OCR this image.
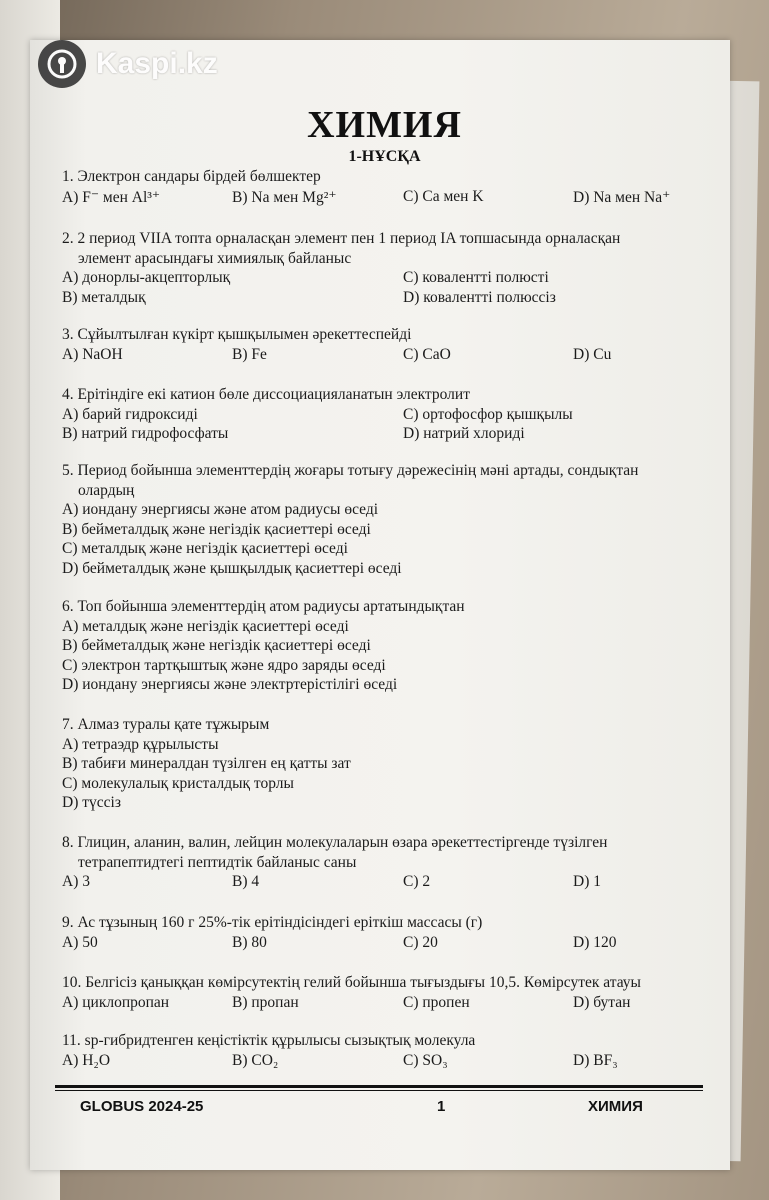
Kaspi.kz
ХИМИЯ
1-НҰСҚА
1. Электрон сандары бірдей бөлшектер
A) F⁻ мен Al³⁺	B) Na мен Mg²⁺	C) Ca мен K	D) Na мен Na⁺
2. 2 период VIIA топта орналасқан элемент пен 1 период IA топшасында орналасқан
элемент арасындағы химиялық байланыс
A) донорлы-акцепторлық	C) ковалентті полюсті
B) металдық	D) ковалентті полюссіз
3. Сұйылтылған күкірт қышқылымен әрекеттеспейді
A) NaOH	B) Fe	C) CaO	D) Cu
4. Ерітіндіге екі катион бөле диссоциацияланатын электролит
A) барий гидроксиді	C) ортофосфор қышқылы
B) натрий гидрофосфаты	D) натрий хлориді
5. Период бойынша элементтердің жоғары тотығу дәрежесінің мәні артады, сондықтан
олардың
A) иондану энергиясы және атом радиусы өседі
B) бейметалдық және негіздік қасиеттері өседі
C) металдық және негіздік қасиеттері өседі
D) бейметалдық және қышқылдық қасиеттері өседі
6. Топ бойынша элементтердің атом радиусы артатындықтан
A) металдық және негіздік қасиеттері өседі
B) бейметалдық және негіздік қасиеттері өседі
C) электрон тартқыштық және ядро заряды өседі
D) иондану энергиясы және электртерістілігі өседі
7. Алмаз туралы қате тұжырым
A) тетраэдр құрылысты
B) табиғи минералдан түзілген ең қатты зат
C) молекулалық кристалдық торлы
D) түссіз
8. Глицин, аланин, валин, лейцин молекулаларын өзара әрекеттестіргенде түзілген
тетрапептидтегі пептидтік байланыс саны
A) 3	B) 4	C) 2	D) 1
9. Ас тұзының 160 г 25%-тік ерітіндісіндегі еріткіш массасы (г)
A) 50	B) 80	C) 20	D) 120
10. Белгісіз қаныққан көмірсутектің гелий бойынша тығыздығы 10,5. Көмірсутек атауы
A) циклопропан	B) пропан	C) пропен	D) бутан
11. sp-гибридтенген кеңістіктік құрылысы сызықтық молекула
A) H₂O	B) CO₂	C) SO₃	D) BF₃
GLOBUS 2024-25	1	ХИМИЯ
